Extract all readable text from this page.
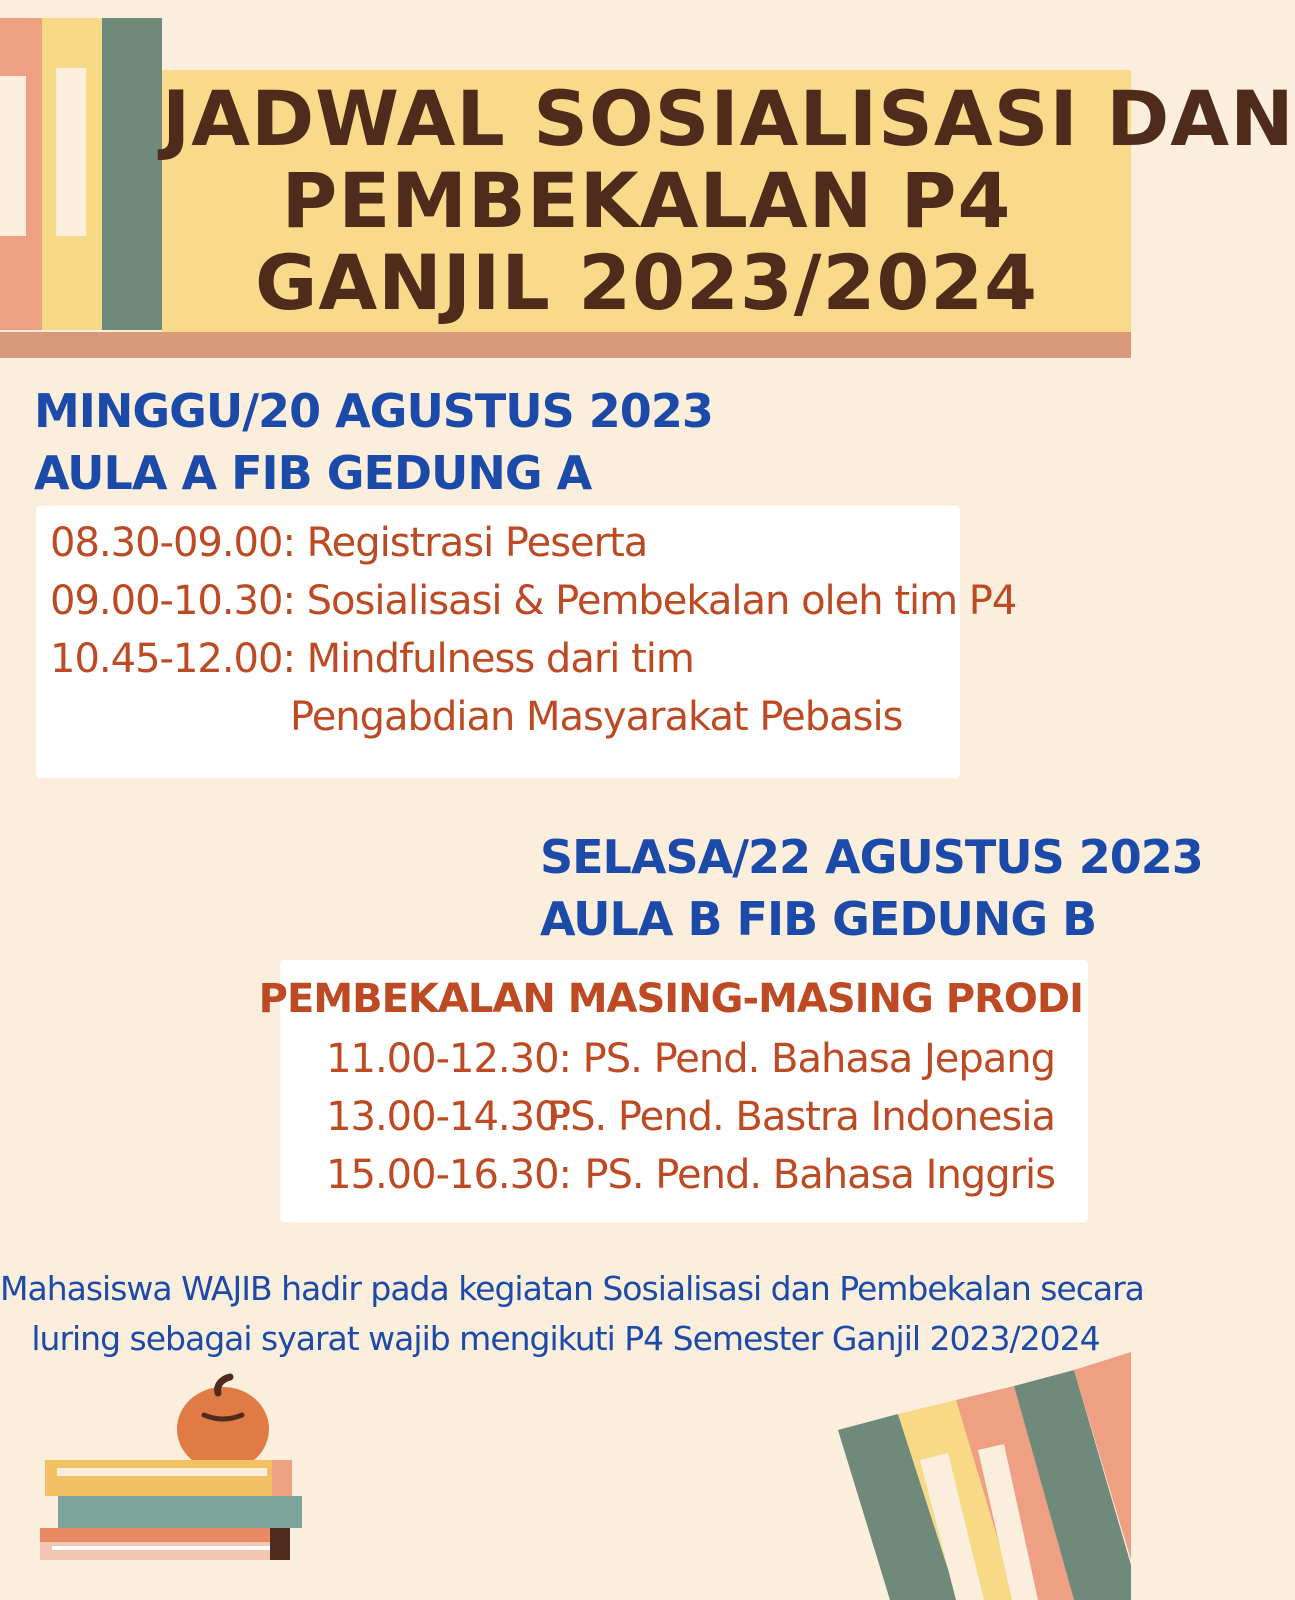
JADWAL SOSIALISASI DAN
PEMBEKALAN P4
GANJIL 2023/2024
MINGGU/20 AGUSTUS 2023
AULA A FIB GEDUNG A
08.30-09.00: Registrasi Peserta
09.00-10.30: Sosialisasi & Pembekalan oleh tim P4
10.45-12.00: Mindfulness dari tim
Pengabdian Masyarakat Pebasis
SELASA/22 AGUSTUS 2023
AULA B FIB GEDUNG B
PEMBEKALAN MASING-MASING PRODI
11.00-12.30: PS. Pend. Bahasa Jepang
13.00-14.30:
PS. Pend. Bastra Indonesia
15.00-16.30: PS. Pend. Bahasa Inggris
Mahasiswa WAJIB hadir pada kegiatan Sosialisasi dan Pembekalan secara
luring sebagai syarat wajib mengikuti P4 Semester Ganjil 2023/2024
